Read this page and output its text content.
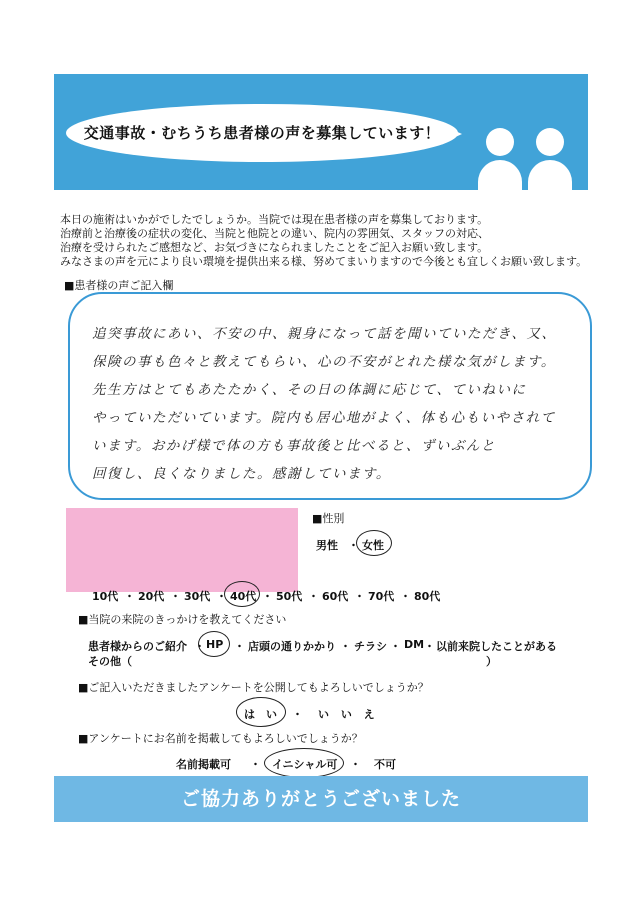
交通事故・むちうち患者様の声を募集しています！
本日の施術はいかがでしたでしょうか。当院では現在患者様の声を募集しております。
治療前と治療後の症状の変化、当院と他院との違い、院内の雰囲気、スタッフの対応、
治療を受けられたご感想など、お気づきになられましたことをご記入お願い致します。
みなさまの声を元により良い環境を提供出来る様、努めてまいりますので今後とも宜しくお願い致します。
■患者様の声ご記入欄
追突事故にあい、不安の中、親身になって話を聞いていただき、又、
保険の事も色々と教えてもらい、心の不安がとれた様な気がします。
先生方はとてもあたたかく、その日の体調に応じて、ていねいに
やっていただいています。院内も居心地がよく、体も心もいやされて
います。おかげ様で体の方も事故後と比べると、ずいぶんと
回復し、良くなりました。感謝しています。
■性別
男性 ・ 女性
10代 ・ 20代 ・ 30代 ・ 40代 ・ 50代 ・ 60代 ・ 70代 ・ 80代
■当院の来院のきっかけを教えてください
患者様からのご紹介 ・ HP ・ 店頭の通りかかり ・ チラシ ・ DM ・ 以前来院したことがある
その他（	）
■ご記入いただきましたアンケートを公開してもよろしいでしょうか？
は　い ・ い い え
■アンケートにお名前を掲載してもよろしいでしょうか？
名前掲載可 ・ イニシャル可 ・ 不可
ご協力ありがとうございました
